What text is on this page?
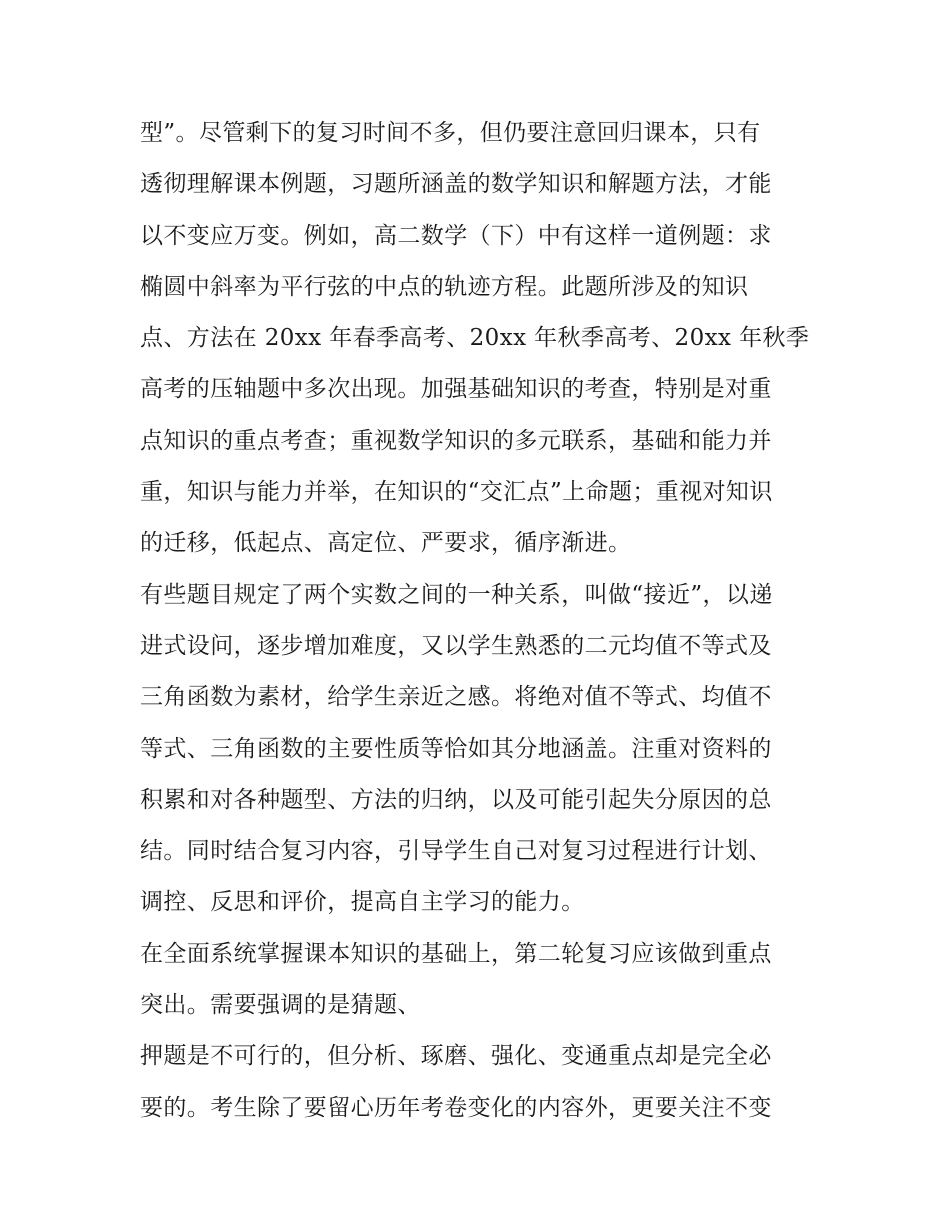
型”。尽管剩下的复习时间不多，但仍要注意回归课本，只有
透彻理解课本例题，习题所涵盖的数学知识和解题方法，才能
以不变应万变。例如，高二数学（下）中有这样一道例题：求
椭圆中斜率为平行弦的中点的轨迹方程。此题所涉及的知识
点、方法在 20xx 年春季高考、20xx 年秋季高考、20xx 年秋季
高考的压轴题中多次出现。加强基础知识的考查，特别是对重
点知识的重点考查；重视数学知识的多元联系，基础和能力并
重，知识与能力并举，在知识的“交汇点”上命题；重视对知识
的迁移，低起点、高定位、严要求，循序渐进。
有些题目规定了两个实数之间的一种关系，叫做“接近”，以递
进式设问，逐步增加难度，又以学生熟悉的二元均值不等式及
三角函数为素材，给学生亲近之感。将绝对值不等式、均值不
等式、三角函数的主要性质等恰如其分地涵盖。注重对资料的
积累和对各种题型、方法的归纳，以及可能引起失分原因的总
结。同时结合复习内容，引导学生自己对复习过程进行计划、
调控、反思和评价，提高自主学习的能力。
在全面系统掌握课本知识的基础上，第二轮复习应该做到重点
突出。需要强调的是猜题、
押题是不可行的，但分析、琢磨、强化、变通重点却是完全必
要的。考生除了要留心历年考卷变化的内容外，更要关注不变
